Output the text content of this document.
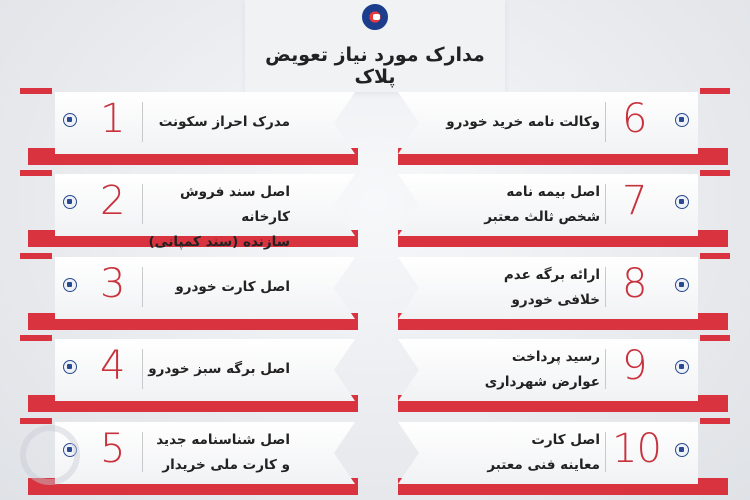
مدارک مورد نیاز تعویض پلاک
1	مدرک احراز سکونت
2	اصل سند فروش کارخانه
سازنده (سند کمپانی)
3	اصل کارت خودرو
4	اصل برگه سبز خودرو
5	اصل شناسنامه جدید
و کارت ملی خریدار
6
وکالت نامه خرید خودرو
7
اصل بیمه نامه
شخص ثالث معتبر
8
ارائه برگه عدم
خلافی خودرو
9
رسید پرداخت
عوارض شهرداری
10
اصل کارت
معاینه فنی معتبر
